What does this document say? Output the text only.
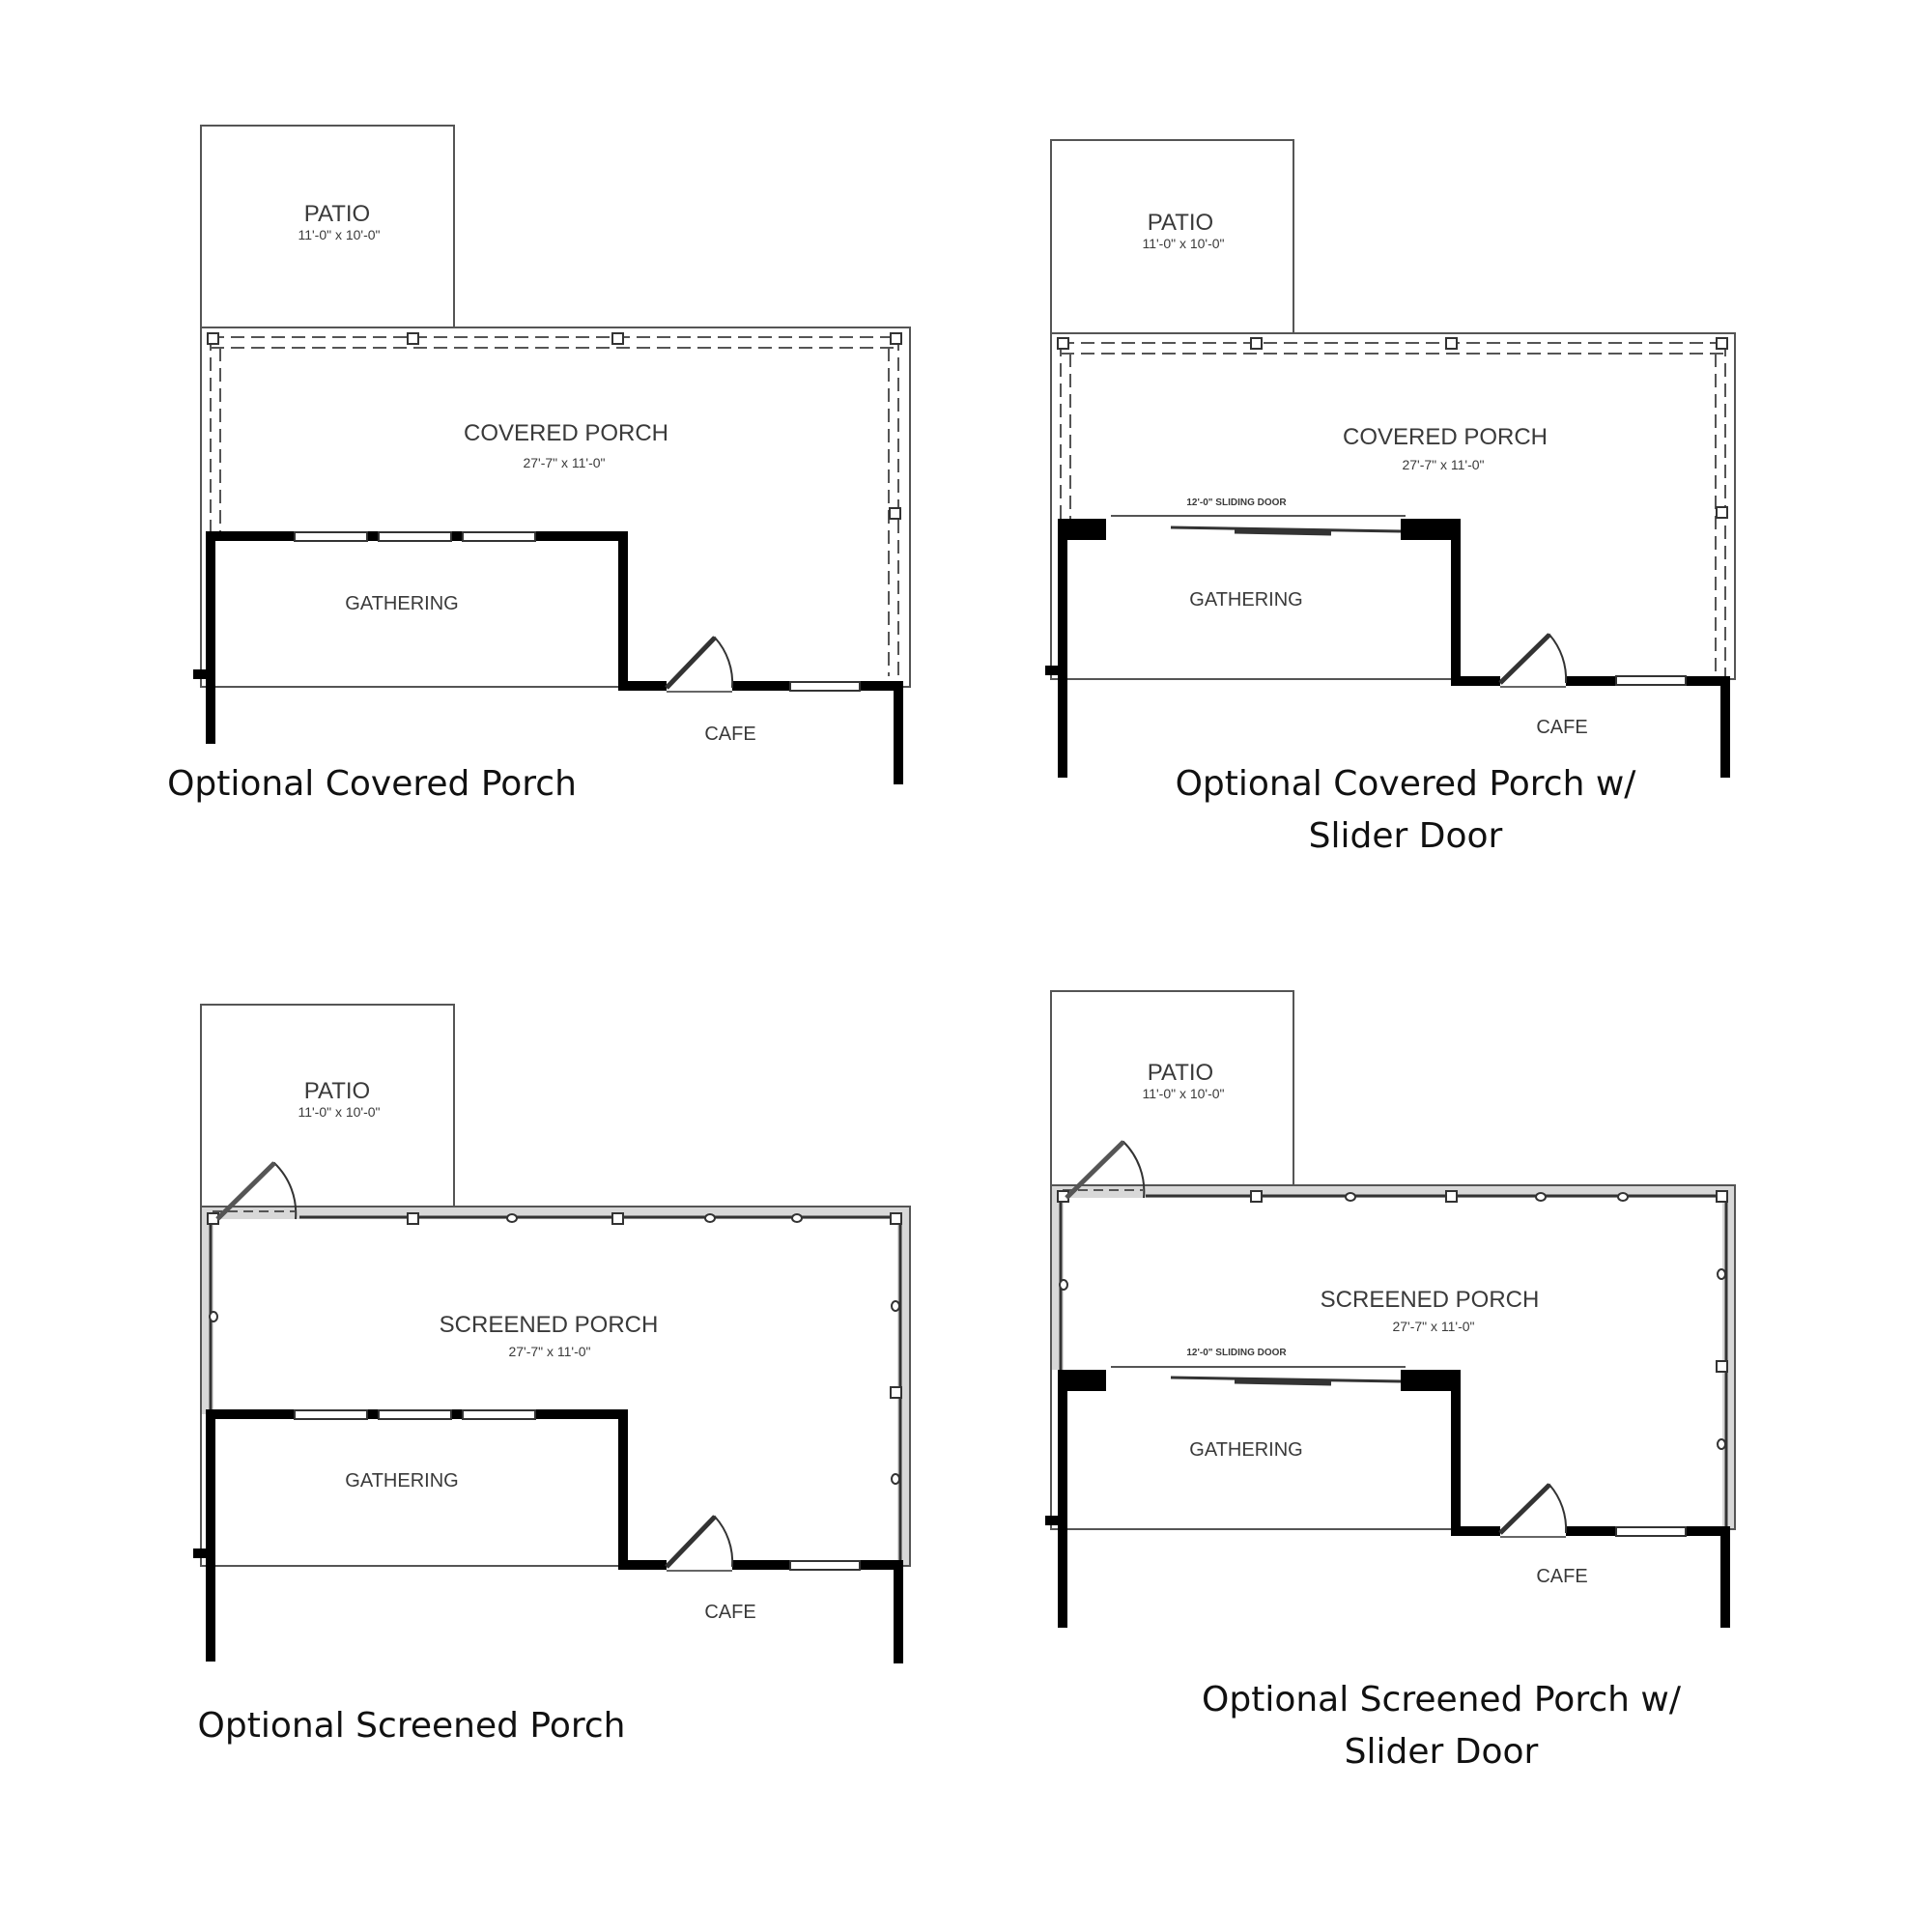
PATIO
11'-0" x 10'-0"
COVERED PORCH
27'-7" x 11'-0"
GATHERING
CAFE
Optional Covered Porch
PATIO
11'-0" x 10'-0"
COVERED PORCH
27'-7" x 11'-0"
12'-0" SLIDING DOOR
GATHERING
CAFE
Optional Covered Porch w/
Slider Door
PATIO
11'-0" x 10'-0"
SCREENED PORCH
27'-7" x 11'-0"
GATHERING
CAFE
Optional Screened Porch
PATIO
11'-0" x 10'-0"
SCREENED PORCH
27'-7" x 11'-0"
12'-0" SLIDING DOOR
GATHERING
CAFE
Optional Screened Porch w/
Slider Door
